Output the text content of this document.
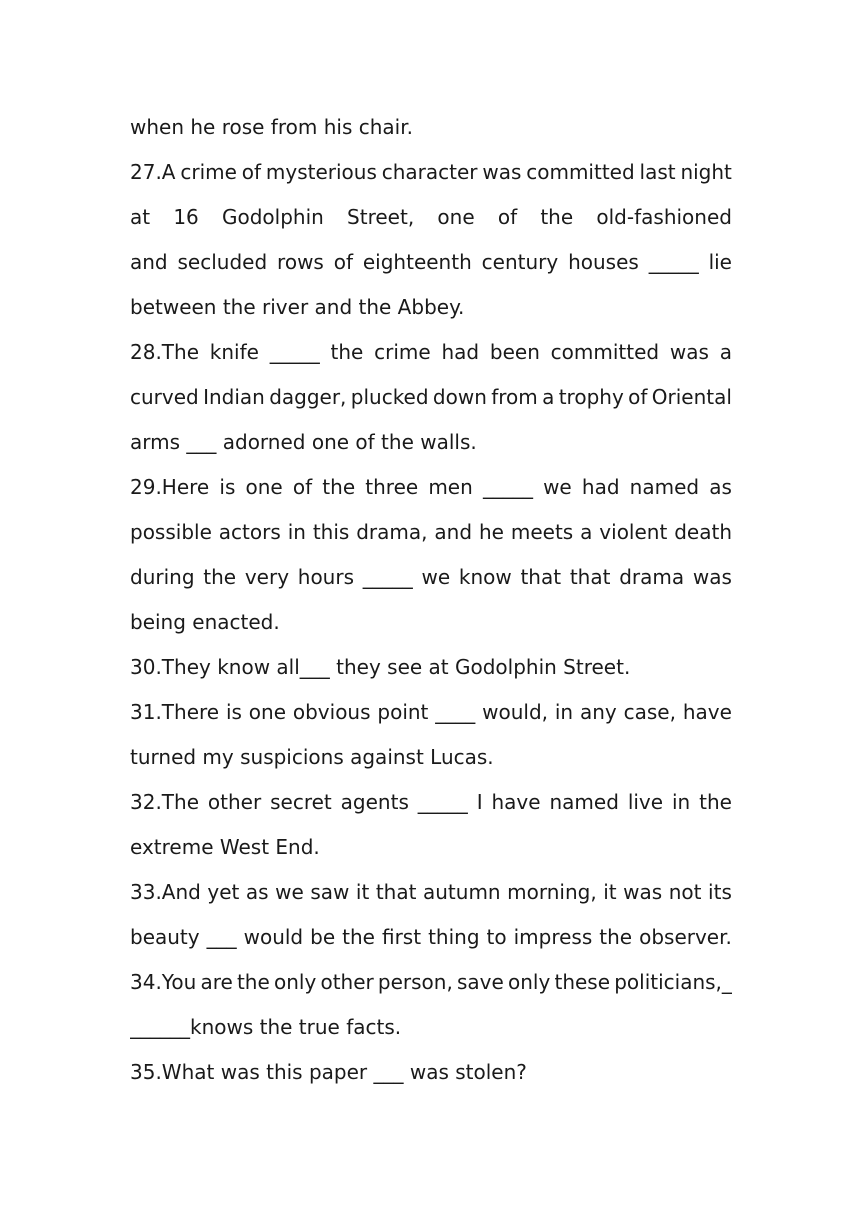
when he rose from his chair.
27.A crime of mysterious character was committed last night
at 16 Godolphin Street, one of the old-fashioned
and secluded rows of eighteenth century houses _____ lie
between the river and the Abbey.
28.The knife _____ the crime had been committed was a
curved Indian dagger, plucked down from a trophy of Oriental
arms ___ adorned one of the walls.
29.Here is one of the three men _____ we had named as
possible actors in this drama, and he meets a violent death
during the very hours _____ we know that that drama was
being enacted.
30.They know all___ they see at Godolphin Street.
31.There is one obvious point ____ would, in any case, have
turned my suspicions against Lucas.
32.The other secret agents _____ I have named live in the
extreme West End.
33.And yet as we saw it that autumn morning, it was not its
beauty ___ would be the first thing to impress the observer.
34.You are the only other person, save only these politicians,_
______knows the true facts.
35.What was this paper ___ was stolen?
